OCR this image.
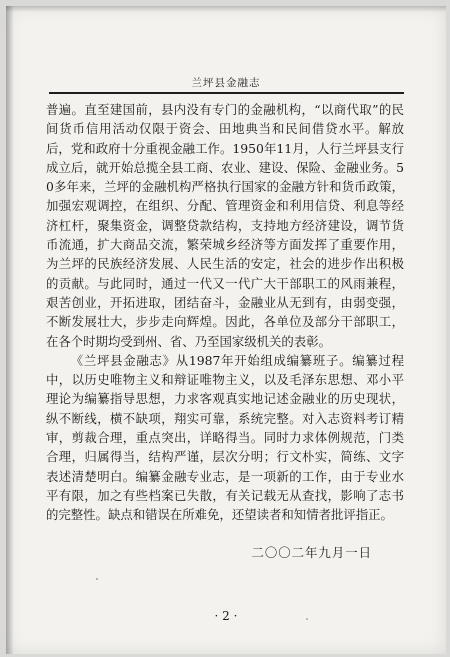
兰坪县金融志

普遍。直至建国前，县内没有专门的金融机构，“以商代取”的民间货币信用活动仅限于资会、田地典当和民间借贷水平。解放后，党和政府十分重视金融工作。1950年11月，人行兰坪县支行成立后，就开始总揽全县工商、农业、建设、保险、金融业务。50多年来，兰坪的金融机构严格执行国家的金融方针和货币政策，加强宏观调控，在组织、分配、管理资金和利用信贷、利息等经济杠杆，聚集资金，调整贷款结构，支持地方经济建设，调节货币流通，扩大商品交流，繁荣城乡经济等方面发挥了重要作用，为兰坪的民族经济发展、人民生活的安定，社会的进步作出积极的贡献。与此同时，通过一代又一代广大干部职工的风雨兼程，艰苦创业，开拓进取，团结奋斗，金融业从无到有，由弱变强，不断发展壮大，步步走向辉煌。因此，各单位及部分干部职工，在各个时期均受到州、省、乃至国家级机关的表彰。

《兰坪县金融志》从1987年开始组成编纂班子。编纂过程中，以历史唯物主义和辩证唯物主义，以及毛泽东思想、邓小平理论为编纂指导思想，力求客观真实地记述金融业的历史现状，纵不断线，横不缺项，翔实可靠，系统完整。对入志资料考订精审，剪裁合理，重点突出，详略得当。同时力求体例规范，门类合理，归属得当，结构严谨，层次分明；行文朴实，简练、文字表述清楚明白。编纂金融专业志，是一项新的工作，由于专业水平有限，加之有些档案已失散，有关记载无从查找，影响了志书的完整性。缺点和错误在所难免，还望读者和知情者批评指正。

二〇〇二年九月一日
· 2 ·
